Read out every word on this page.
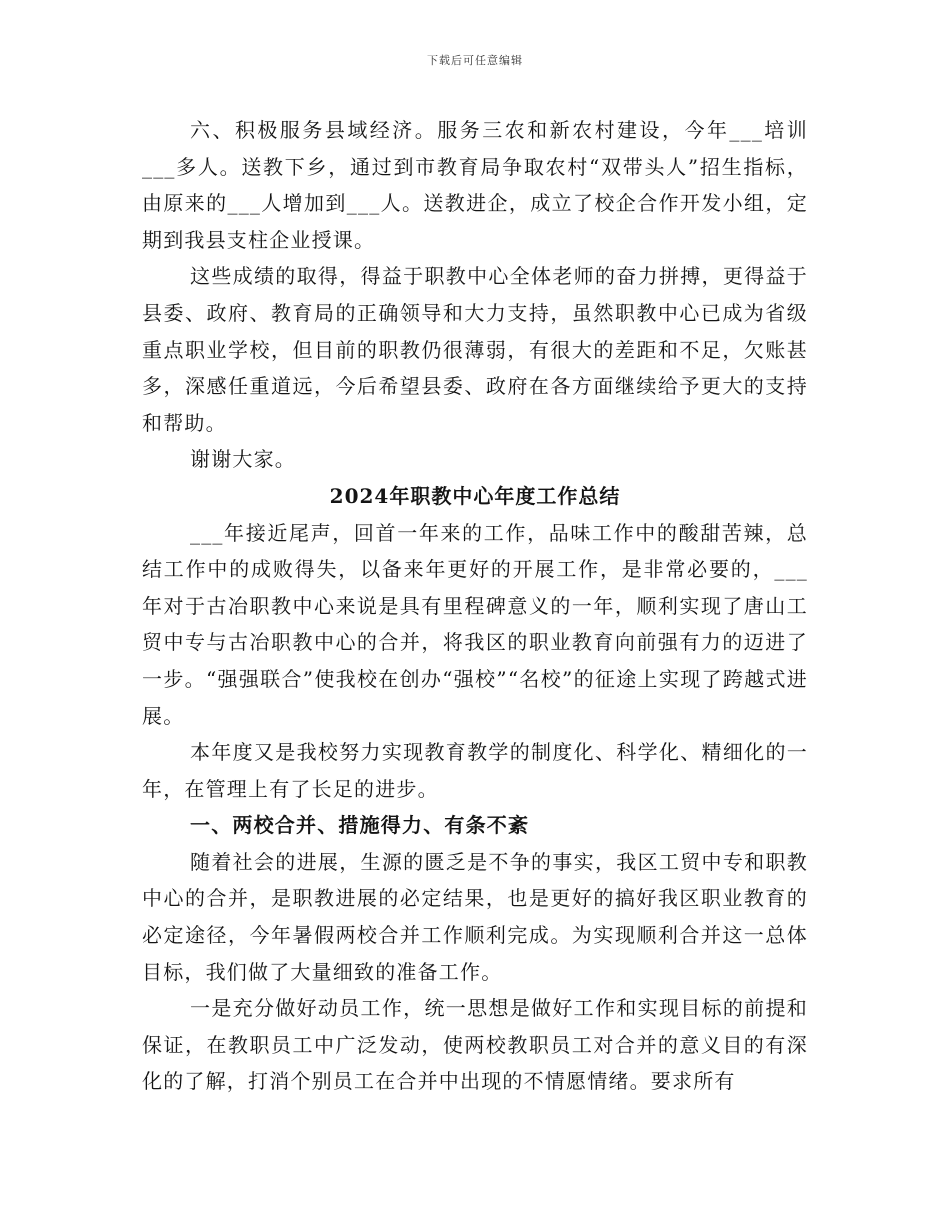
下载后可任意编辑

六、积极服务县域经济。服务三农和新农村建设，今年___培训___多人。送教下乡，通过到市教育局争取农村“双带头人”招生指标，由原来的___人增加到___人。送教进企，成立了校企合作开发小组，定期到我县支柱企业授课。

这些成绩的取得，得益于职教中心全体老师的奋力拼搏，更得益于县委、政府、教育局的正确领导和大力支持，虽然职教中心已成为省级重点职业学校，但目前的职教仍很薄弱，有很大的差距和不足，欠账甚多，深感任重道远，今后希望县委、政府在各方面继续给予更大的支持和帮助。

谢谢大家。

2024年职教中心年度工作总结

___年接近尾声，回首一年来的工作，品味工作中的酸甜苦辣，总结工作中的成败得失，以备来年更好的开展工作，是非常必要的，___年对于古冶职教中心来说是具有里程碑意义的一年，顺利实现了唐山工贸中专与古冶职教中心的合并，将我区的职业教育向前强有力的迈进了一步。“强强联合”使我校在创办“强校”“名校”的征途上实现了跨越式进展。

本年度又是我校努力实现教育教学的制度化、科学化、精细化的一年，在管理上有了长足的进步。

一、两校合并、措施得力、有条不紊

随着社会的进展，生源的匮乏是不争的事实，我区工贸中专和职教中心的合并，是职教进展的必定结果，也是更好的搞好我区职业教育的必定途径，今年暑假两校合并工作顺利完成。为实现顺利合并这一总体目标，我们做了大量细致的准备工作。

一是充分做好动员工作，统一思想是做好工作和实现目标的前提和保证，在教职员工中广泛发动，使两校教职员工对合并的意义目的有深化的了解，打消个别员工在合并中出现的不情愿情绪。要求所有
